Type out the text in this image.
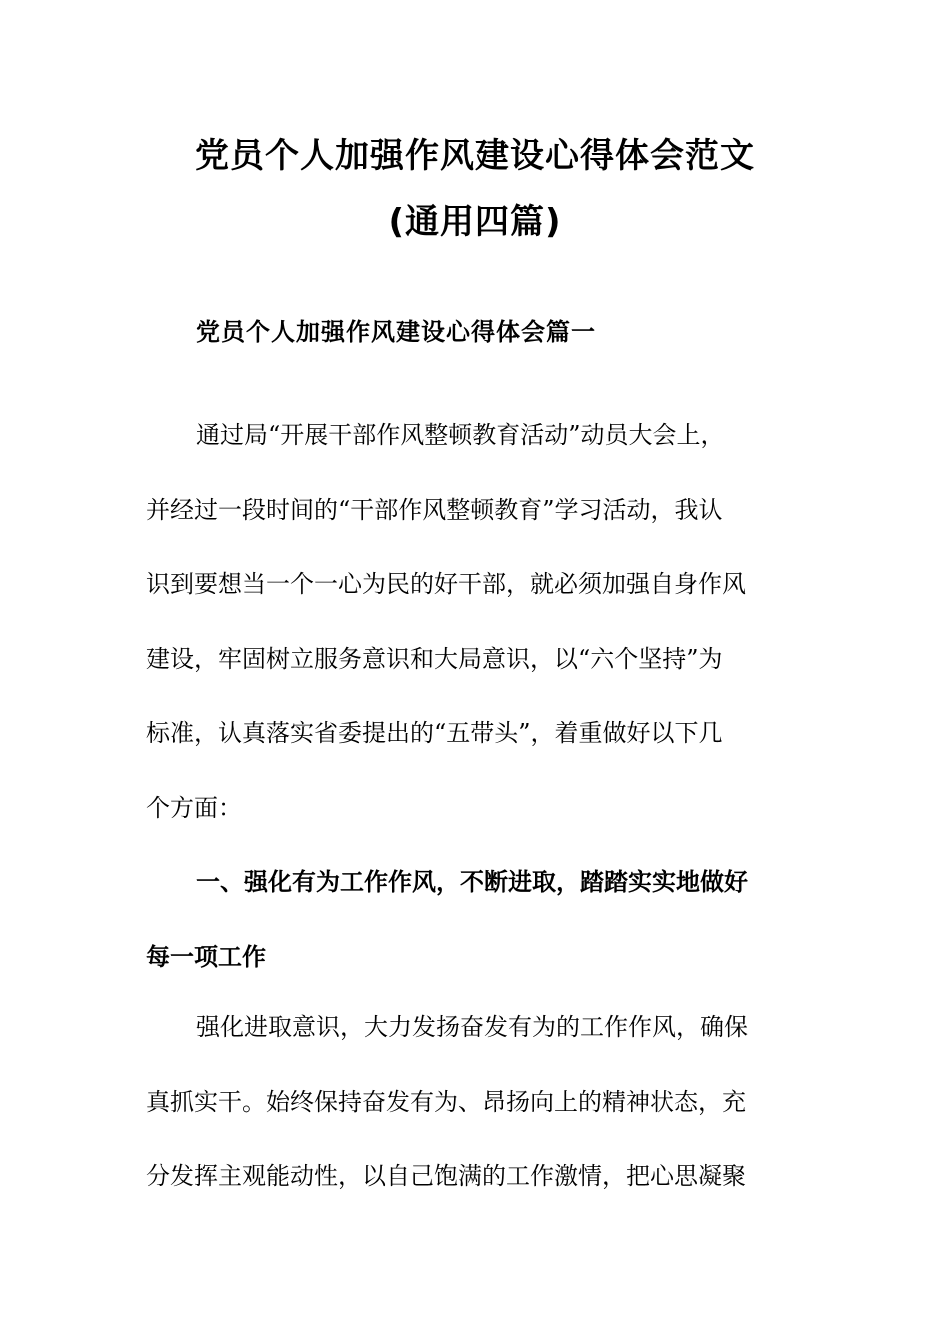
党员个人加强作风建设心得体会范文
(通用四篇)
党员个人加强作风建设心得体会篇一
通过局“开展干部作风整顿教育活动”动员大会上，
并经过一段时间的“干部作风整顿教育”学习活动，我认
识到要想当一个一心为民的好干部，就必须加强自身作风
建设，牢固树立服务意识和大局意识，以“六个坚持”为
标准，认真落实省委提出的“五带头”，着重做好以下几
个方面：
一、强化有为工作作风，不断进取，踏踏实实地做好
每一项工作
强化进取意识，大力发扬奋发有为的工作作风，确保
真抓实干。始终保持奋发有为、昂扬向上的精神状态，充
分发挥主观能动性，以自己饱满的工作激情，把心思凝聚
